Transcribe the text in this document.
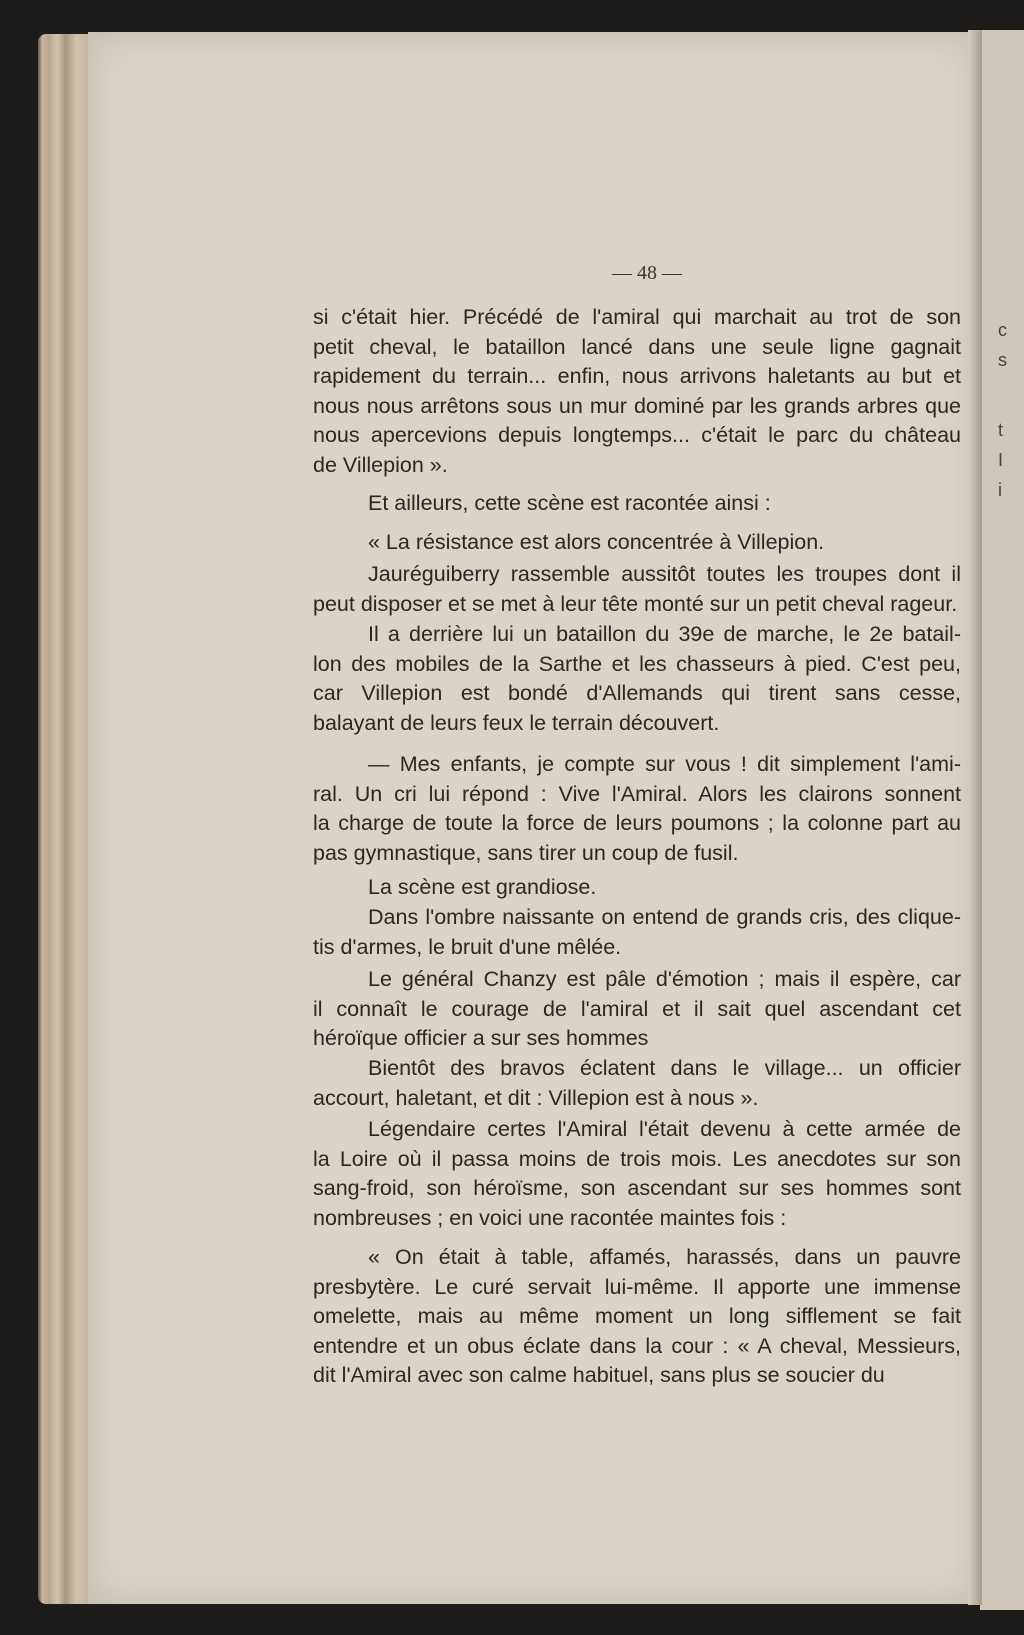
c
s
t
I
i
— 48 —
si c'était hier. Précédé de l'amiral qui marchait au trot de son
petit cheval, le bataillon lancé dans une seule ligne gagnait
rapidement du terrain... enfin, nous arrivons haletants au but et
nous nous arrêtons sous un mur dominé par les grands arbres que
nous apercevions depuis longtemps... c'était le parc du château
de Villepion ».
Et ailleurs, cette scène est racontée ainsi :
« La résistance est alors concentrée à Villepion.
Jauréguiberry rassemble aussitôt toutes les troupes dont il
peut disposer et se met à leur tête monté sur un petit cheval rageur.
Il a derrière lui un bataillon du 39e de marche, le 2e batail-
lon des mobiles de la Sarthe et les chasseurs à pied. C'est peu,
car Villepion est bondé d'Allemands qui tirent sans cesse,
balayant de leurs feux le terrain découvert.
— Mes enfants, je compte sur vous ! dit simplement l'ami-
ral. Un cri lui répond : Vive l'Amiral. Alors les clairons sonnent
la charge de toute la force de leurs poumons ; la colonne part au
pas gymnastique, sans tirer un coup de fusil.
La scène est grandiose.
Dans l'ombre naissante on entend de grands cris, des clique-
tis d'armes, le bruit d'une mêlée.
Le général Chanzy est pâle d'émotion ; mais il espère, car
il connaît le courage de l'amiral et il sait quel ascendant cet
héroïque officier a sur ses hommes
Bientôt des bravos éclatent dans le village... un officier
accourt, haletant, et dit : Villepion est à nous ».
Légendaire certes l'Amiral l'était devenu à cette armée de
la Loire où il passa moins de trois mois. Les anecdotes sur son
sang-froid, son héroïsme, son ascendant sur ses hommes sont
nombreuses ; en voici une racontée maintes fois :
« On était à table, affamés, harassés, dans un pauvre
presbytère. Le curé servait lui-même. Il apporte une immense
omelette, mais au même moment un long sifflement se fait
entendre et un obus éclate dans la cour : « A cheval, Messieurs,
dit l'Amiral avec son calme habituel, sans plus se soucier du
